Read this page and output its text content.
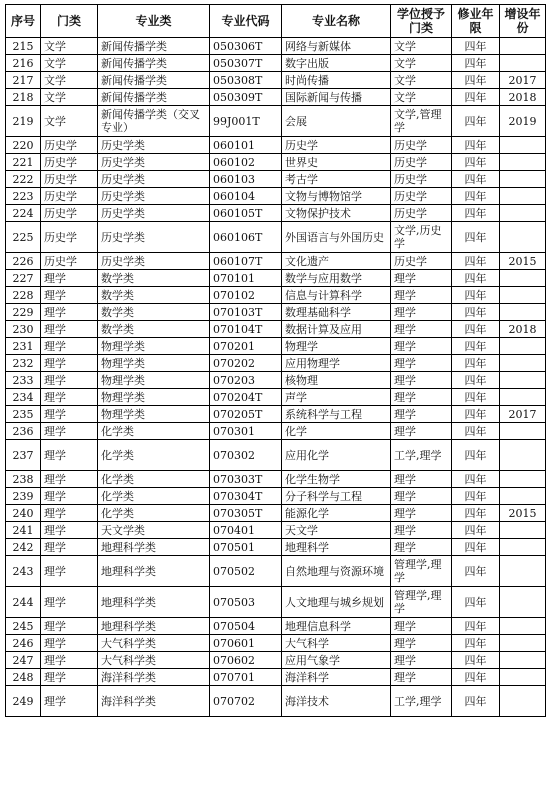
序号	门类	专业类	专业代码	专业名称	学位授予门类	修业年限	增设年份
215	文学	新闻传播学类	050306T	网络与新媒体	文学	四年	
216	文学	新闻传播学类	050307T	数字出版	文学	四年	
217	文学	新闻传播学类	050308T	时尚传播	文学	四年	2017
218	文学	新闻传播学类	050309T	国际新闻与传播	文学	四年	2018
219	文学	新闻传播学类（交叉专业）	99J001T	会展	文学,管理学	四年	2019
220	历史学	历史学类	060101	历史学	历史学	四年	
221	历史学	历史学类	060102	世界史	历史学	四年	
222	历史学	历史学类	060103	考古学	历史学	四年	
223	历史学	历史学类	060104	文物与博物馆学	历史学	四年	
224	历史学	历史学类	060105T	文物保护技术	历史学	四年	
225	历史学	历史学类	060106T	外国语言与外国历史	文学,历史学	四年	
226	历史学	历史学类	060107T	文化遗产	历史学	四年	2015
227	理学	数学类	070101	数学与应用数学	理学	四年	
228	理学	数学类	070102	信息与计算科学	理学	四年	
229	理学	数学类	070103T	数理基础科学	理学	四年	
230	理学	数学类	070104T	数据计算及应用	理学	四年	2018
231	理学	物理学类	070201	物理学	理学	四年	
232	理学	物理学类	070202	应用物理学	理学	四年	
233	理学	物理学类	070203	核物理	理学	四年	
234	理学	物理学类	070204T	声学	理学	四年	
235	理学	物理学类	070205T	系统科学与工程	理学	四年	2017
236	理学	化学类	070301	化学	理学	四年	
237	理学	化学类	070302	应用化学	工学,理学	四年	
238	理学	化学类	070303T	化学生物学	理学	四年	
239	理学	化学类	070304T	分子科学与工程	理学	四年	
240	理学	化学类	070305T	能源化学	理学	四年	2015
241	理学	天文学类	070401	天文学	理学	四年	
242	理学	地理科学类	070501	地理科学	理学	四年	
243	理学	地理科学类	070502	自然地理与资源环境	管理学,理学	四年	
244	理学	地理科学类	070503	人文地理与城乡规划	管理学,理学	四年	
245	理学	地理科学类	070504	地理信息科学	理学	四年	
246	理学	大气科学类	070601	大气科学	理学	四年	
247	理学	大气科学类	070602	应用气象学	理学	四年	
248	理学	海洋科学类	070701	海洋科学	理学	四年	
249	理学	海洋科学类	070702	海洋技术	工学,理学	四年	
